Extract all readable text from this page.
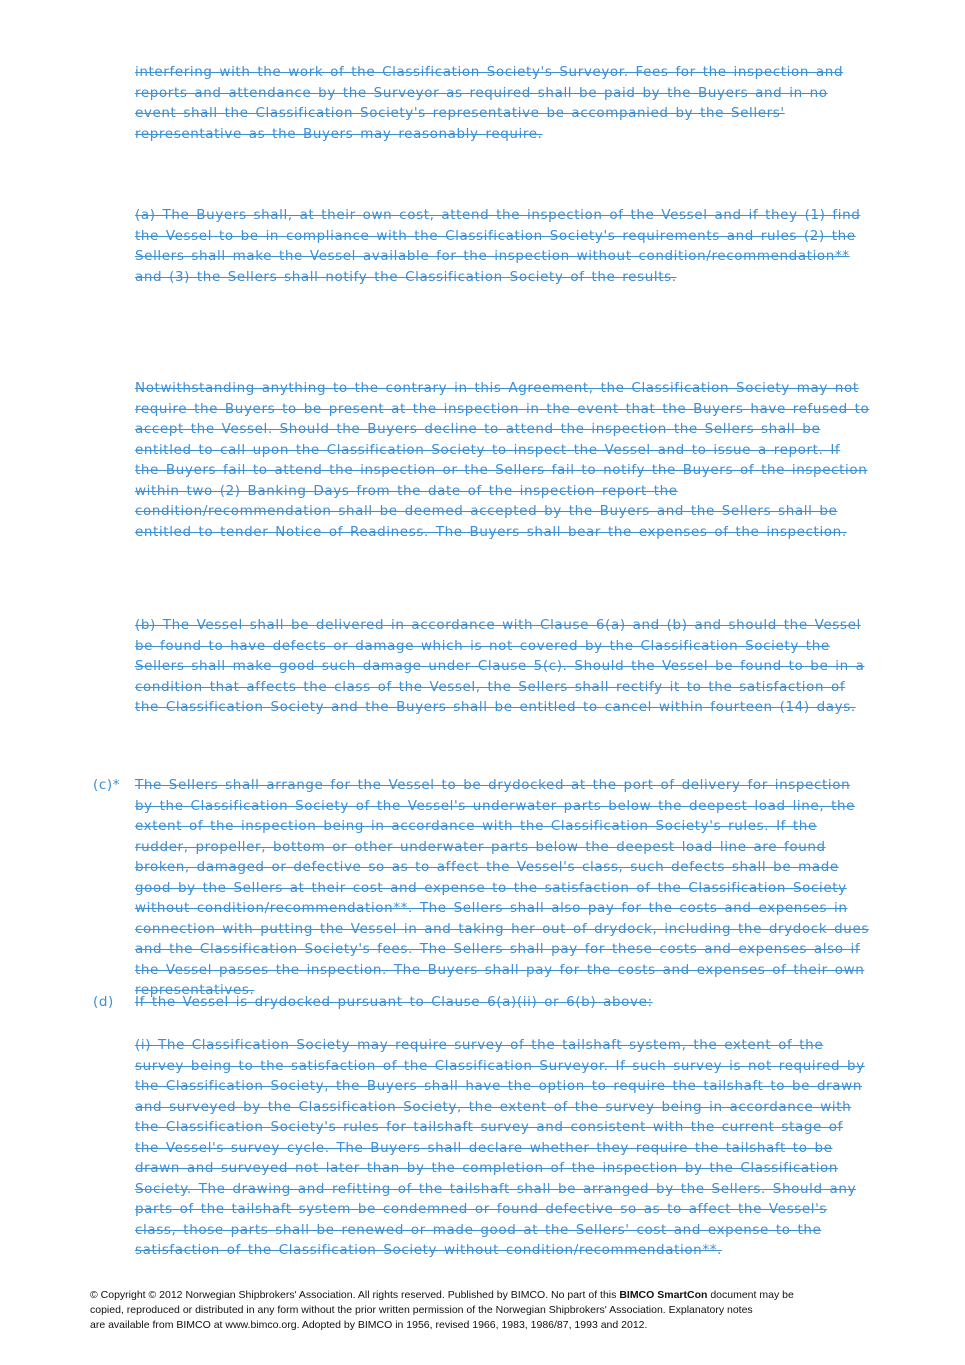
interfering with the work of the Classification Society's Surveyor. Fees for the inspection and reports and attendance by the Surveyor as required shall be paid by the Buyers and in no event shall the Classification Society's representative be accompanied by the Sellers' representative as the Buyers may reasonably require.
(a) The Buyers shall, at their own cost, attend the inspection of the Vessel and if they (1) find the Vessel to be in compliance with the Classification Society's requirements and rules (2) the Sellers shall make the Vessel available for the inspection without condition/recommendation** and (3) the Sellers shall notify the Classification Society of the results.
Notwithstanding anything to the contrary in this Agreement, the Classification Society may not require the Buyers to be present at the inspection in the event that the Buyers have refused to accept the Vessel. Should the Buyers decline to attend the inspection the Sellers shall be entitled to call upon the Classification Society to inspect the Vessel and to issue a report. If the Buyers fail to attend the inspection or the Sellers fail to notify the Buyers of the inspection within two (2) Banking Days from the date of the inspection report the condition/recommendation shall be deemed accepted by the Buyers and the Sellers shall be entitled to tender Notice of Readiness. The Buyers shall bear the expenses of the inspection.
(b) The Vessel shall be delivered in accordance with Clause 6(a) and (b) and should the Vessel be found to have defects or damage which is not covered by the Classification Society the Sellers shall make good such damage under Clause 5(c). Should the Vessel be found to be in a condition that affects the class of the Vessel, the Sellers shall rectify it to the satisfaction of the Classification Society and the Buyers shall be entitled to cancel within fourteen (14) days.
(c)* The Sellers shall arrange for the Vessel to be drydocked at the port of delivery for inspection by the Classification Society of the Vessel's underwater parts below the deepest load line, the extent of the inspection being in accordance with the Classification Society's rules. If the rudder, propeller, bottom or other underwater parts below the deepest load line are found broken, damaged or defective so as to affect the Vessel's class, such defects shall be made good by the Sellers at their cost and expense to the satisfaction of the Classification Society without condition/recommendation**. The Sellers shall also pay for the costs and expenses in connection with putting the Vessel in and taking her out of drydock, including the drydock dues and the Classification Society's fees. The Sellers shall pay for these costs and expenses also if the Vessel passes the inspection. The Buyers shall pay for the costs and expenses of their own representatives.
(d) If the Vessel is drydocked pursuant to Clause 6(a)(ii) or 6(b) above:
(i) The Classification Society may require survey of the tailshaft system, the extent of the survey being to the satisfaction of the Classification Surveyor. If such survey is not required by the Classification Society, the Buyers shall have the option to require the tailshaft to be drawn and surveyed by the Classification Society, the extent of the survey being in accordance with the Classification Society's rules for tailshaft survey and consistent with the current stage of the Vessel's survey cycle. The Buyers shall declare whether they require the tailshaft to be drawn and surveyed not later than by the completion of the inspection by the Classification Society. The drawing and refitting of the tailshaft shall be arranged by the Sellers. Should any parts of the tailshaft system be condemned or found defective so as to affect the Vessel's class, those parts shall be renewed or made good at the Sellers' cost and expense to the satisfaction of the Classification Society without condition/recommendation**.
© Copyright © 2012 Norwegian Shipbrokers' Association. All rights reserved. Published by BIMCO. No part of this BIMCO SmartCon document may be
copied, reproduced or distributed in any form without the prior written permission of the Norwegian Shipbrokers' Association. Explanatory notes
are available from BIMCO at www.bimco.org. Adopted by BIMCO in 1956, revised 1966, 1983, 1986/87, 1993 and 2012.
